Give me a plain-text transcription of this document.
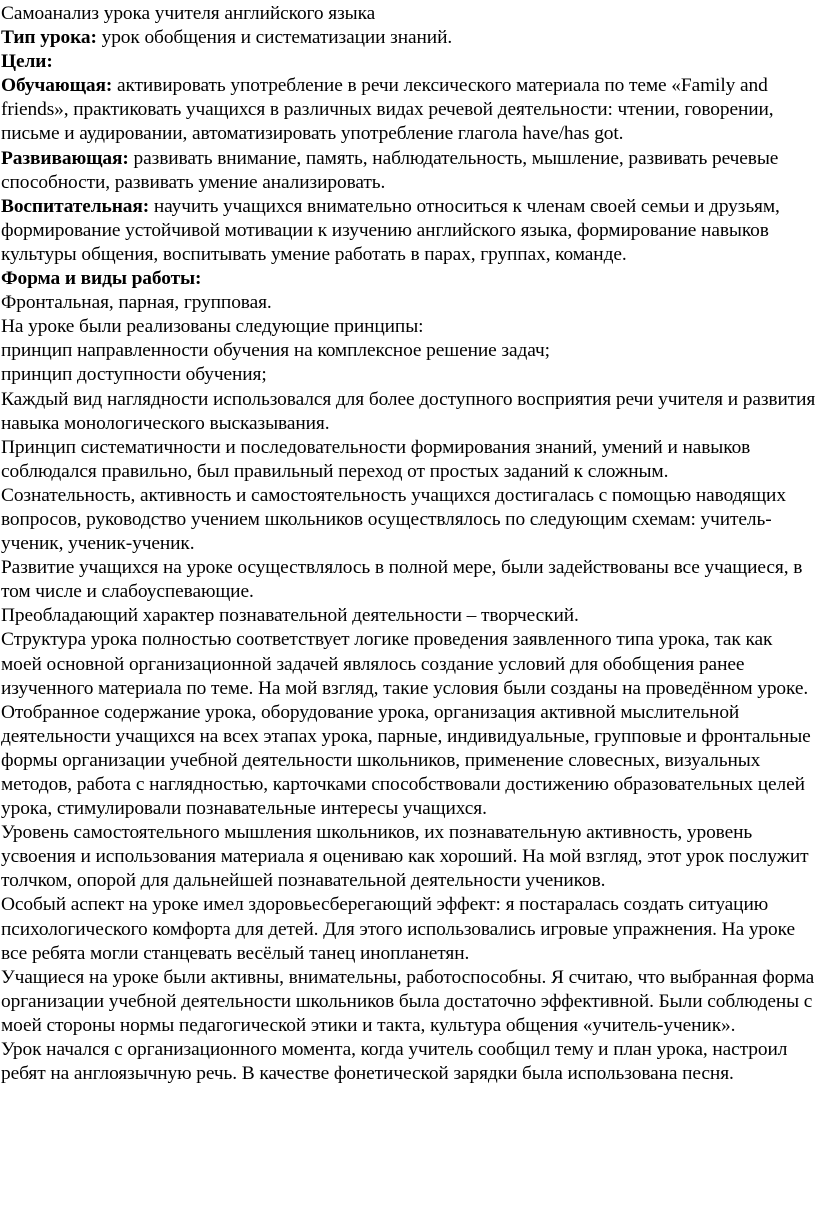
Самоанализ урока учителя английского языка

Тип урока: урок обобщения и систематизации знаний.

Цели:

Обучающая: активировать употребление в речи лексического материала по теме «Family and friends», практиковать учащихся в различных видах речевой деятельности: чтении, говорении, письме и аудировании, автоматизировать употребление глагола have/has got.

Развивающая: развивать внимание, память, наблюдательность, мышление, развивать речевые способности, развивать умение анализировать.

Воспитательная: научить учащихся внимательно относиться к членам своей семьи и друзьям, формирование устойчивой мотивации к изучению английского языка, формирование навыков культуры общения, воспитывать умение работать в парах, группах, команде.

Форма и виды работы:

Фронтальная, парная, групповая.

На уроке были реализованы следующие принципы:

принцип направленности обучения на комплексное решение задач;

принцип доступности обучения;

Каждый вид наглядности использовался для более доступного восприятия речи учителя и развития навыка монологического высказывания.

Принцип систематичности и последовательности формирования знаний, умений и навыков соблюдался правильно, был правильный переход от простых заданий к сложным.

Сознательность, активность и самостоятельность учащихся достигалась с помощью наводящих вопросов, руководство учением школьников осуществлялось по следующим схемам: учитель-ученик, ученик-ученик.

Развитие учащихся на уроке осуществлялось в полной мере, были задействованы все учащиеся, в том числе и слабоуспевающие.

Преобладающий характер познавательной деятельности – творческий.

Структура урока полностью соответствует логике проведения заявленного типа урока, так как моей основной организационной задачей являлось создание условий для обобщения ранее изученного материала по теме. На мой взгляд, такие условия были созданы на проведённом уроке.

Отобранное содержание урока, оборудование урока, организация активной мыслительной деятельности учащихся на всех этапах урока, парные, индивидуальные, групповые и фронтальные формы организации учебной деятельности школьников, применение словесных, визуальных методов, работа с наглядностью, карточками способствовали достижению образовательных целей урока, стимулировали познавательные интересы учащихся.

Уровень самостоятельного мышления школьников, их познавательную активность, уровень усвоения и использования материала я оцениваю как хороший. На мой взгляд, этот урок послужит толчком, опорой для дальнейшей познавательной деятельности учеников.

Особый аспект на уроке имел здоровьесберегающий эффект: я постаралась создать ситуацию психологического комфорта для детей. Для этого использовались игровые упражнения. На уроке все ребята могли станцевать весёлый танец инопланетян.

Учащиеся на уроке были активны, внимательны, работоспособны. Я считаю, что выбранная форма организации учебной деятельности школьников была достаточно эффективной. Были соблюдены с моей стороны нормы педагогической этики и такта, культура общения «учитель-ученик».

Урок начался с организационного момента, когда учитель сообщил тему и план урока, настроил ребят на англоязычную речь. В качестве фонетической зарядки была использована песня.
